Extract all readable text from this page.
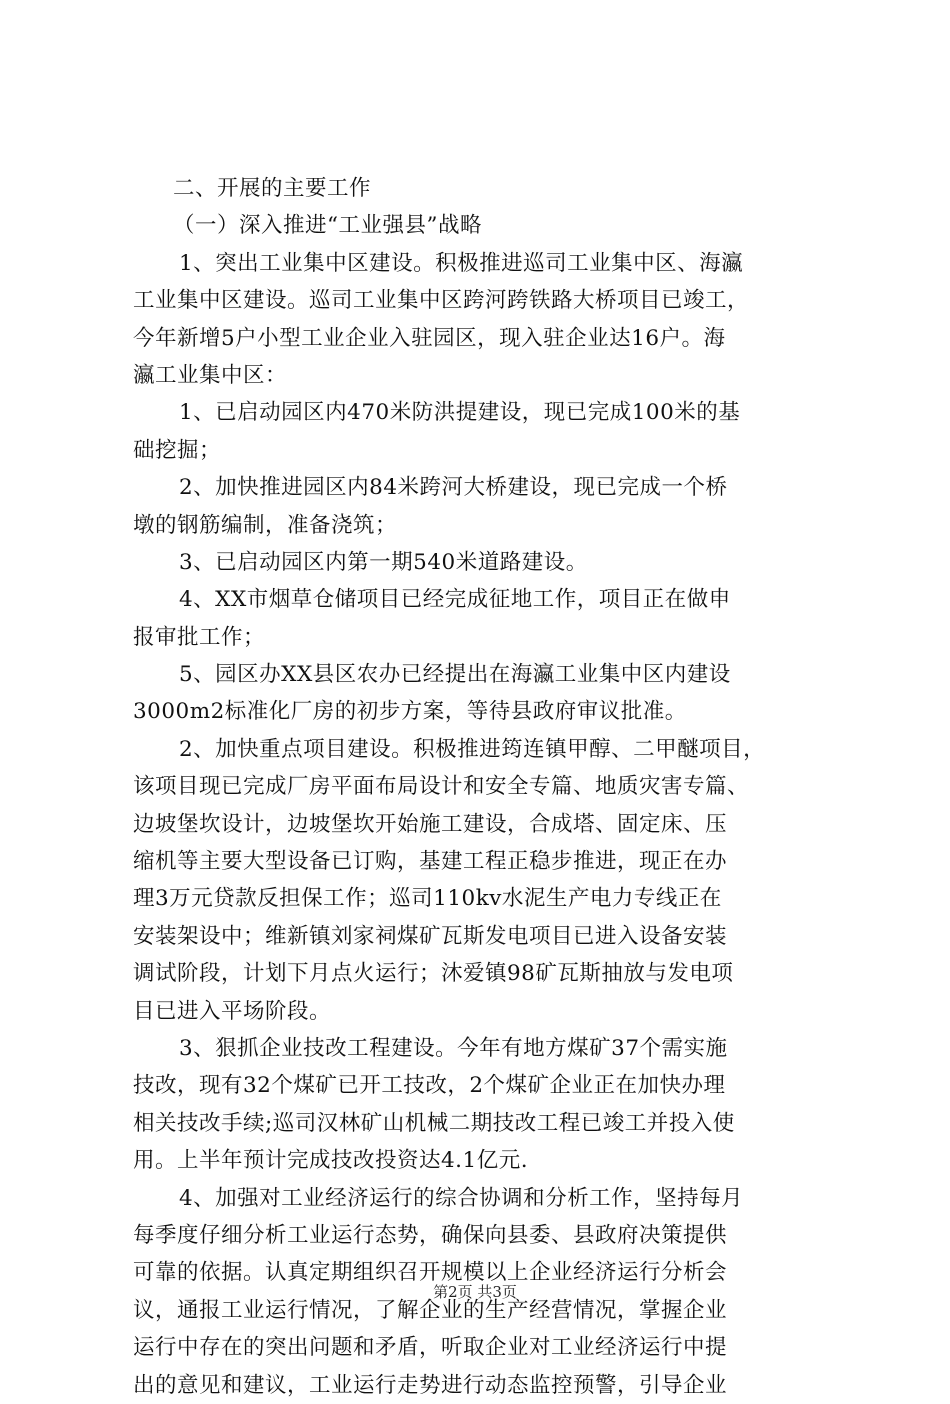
二、开展的主要工作
（一）深入推进“工业强县”战略
1、突出工业集中区建设。积极推进巡司工业集中区、海瀛
工业集中区建设。巡司工业集中区跨河跨铁路大桥项目已竣工，
今年新增5户小型工业企业入驻园区，现入驻企业达16户。海
瀛工业集中区：
1、已启动园区内470米防洪提建设，现已完成100米的基
础挖掘；
2、加快推进园区内84米跨河大桥建设，现已完成一个桥
墩的钢筋编制，准备浇筑；
3、已启动园区内第一期540米道路建设。
4、XX市烟草仓储项目已经完成征地工作，项目正在做申
报审批工作；
5、园区办XX县区农办已经提出在海瀛工业集中区内建设
3000m2标准化厂房的初步方案，等待县政府审议批准。
2、加快重点项目建设。积极推进筠连镇甲醇、二甲醚项目，
该项目现已完成厂房平面布局设计和安全专篇、地质灾害专篇、
边坡堡坎设计，边坡堡坎开始施工建设，合成塔、固定床、压
缩机等主要大型设备已订购，基建工程正稳步推进，现正在办
理3万元贷款反担保工作；巡司110kv水泥生产电力专线正在
安装架设中；维新镇刘家祠煤矿瓦斯发电项目已进入设备安装
调试阶段，计划下月点火运行；沐爱镇98矿瓦斯抽放与发电项
目已进入平场阶段。
3、狠抓企业技改工程建设。今年有地方煤矿37个需实施
技改，现有32个煤矿已开工技改，2个煤矿企业正在加快办理
相关技改手续;巡司汉林矿山机械二期技改工程已竣工并投入使
用。上半年预计完成技改投资达4.1亿元.
4、加强对工业经济运行的综合协调和分析工作，坚持每月
每季度仔细分析工业运行态势，确保向县委、县政府决策提供
可靠的依据。认真定期组织召开规模以上企业经济运行分析会
议，通报工业运行情况，了解企业的生产经营情况，掌握企业
运行中存在的突出问题和矛盾，听取企业对工业经济运行中提
出的意见和建议，工业运行走势进行动态监控预警，引导企业
第2页 共3页
